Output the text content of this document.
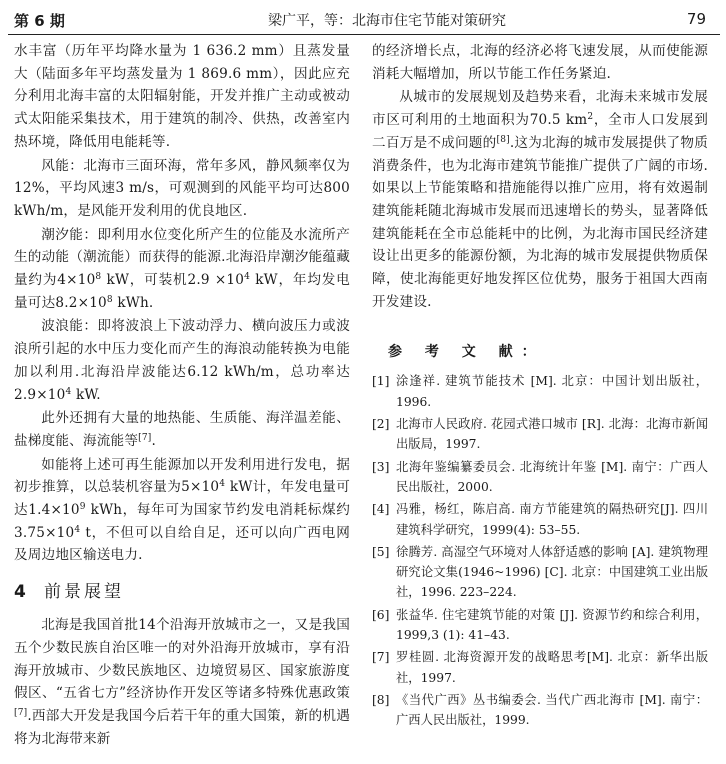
第 6 期	梁广平，等：北海市住宅节能对策研究	79

水丰富（历年平均降水量为 1 636.2 mm）且蒸发量大（陆面多年平均蒸发量为 1 869.6 mm），因此应充分利用北海丰富的太阳辐射能，开发并推广主动或被动式太阳能采集技术，用于建筑的制冷、供热，改善室内热环境，降低用电能耗等.

风能：北海市三面环海，常年多风，静风频率仅为12%，平均风速3 m/s，可观测到的风能平均可达800 kWh/m，是风能开发利用的优良地区.

潮汐能：即利用水位变化所产生的位能及水流所产生的动能（潮流能）而获得的能源.北海沿岸潮汐能蕴藏量约为$4\times 10^8$ kW，可装机$2.9 \times 10^4$ kW，年均发电量可达$8.2\times 10^8$ kWh.

波浪能：即将波浪上下波动浮力、横向波压力或波浪所引起的水中压力变化而产生的海浪动能转换为电能加以利用.北海沿岸波能达6.12 kWh/m，总功率达$2.9\times 10^4$ kW.

此外还拥有大量的地热能、生质能、海洋温差能、盐梯度能、海流能等[7].

如能将上述可再生能源加以开发利用进行发电，据初步推算，以总装机容量为$5\times 10^4$ kW计，年发电量可达$1.4\times 10^9$ kWh，每年可为国家节约发电消耗标煤约$3.75\times 10^4$ t，不但可以自给自足，还可以向广西电网及周边地区输送电力.

4 前景展望

北海是我国首批14个沿海开放城市之一，又是我国五个少数民族自治区唯一的对外沿海开放城市，享有沿海开放城市、少数民族地区、边境贸易区、国家旅游度假区、“五省七方”经济协作开发区等诸多特殊优惠政策[7].西部大开发是我国今后若干年的重大国策，新的机遇将为北海带来新

的经济增长点，北海的经济必将飞速发展，从而使能源消耗大幅增加，所以节能工作任务紧迫.

从城市的发展规划及趋势来看，北海未来城市发展市区可利用的土地面积为70.5 $km^2$，全市人口发展到二百万是不成问题的[8].这为北海的城市发展提供了物质消费条件，也为北海市建筑节能推广提供了广阔的市场. 如果以上节能策略和措施能得以推广应用，将有效遏制建筑能耗随北海城市发展而迅速增长的势头，显著降低建筑能耗在全市总能耗中的比例，为北海市国民经济建设让出更多的能源份额，为北海的城市发展提供物质保障，使北海能更好地发挥区位优势，服务于祖国大西南开发建设.

参 考 文 献：
[1] 涂逢祥. 建筑节能技术 [M]. 北京：中国计划出版社，1996.
[2] 北海市人民政府. 花园式港口城市 [R]. 北海：北海市新闻出版局，1997.
[3] 北海年鉴编纂委员会. 北海统计年鉴 [M]. 南宁：广西人民出版社，2000.
[4] 冯雅，杨红，陈启高. 南方节能建筑的隔热研究[J]. 四川建筑科学研究，1999(4): 53–55.
[5] 徐腾芳. 高湿空气环境对人体舒适感的影响 [A]. 建筑物理研究论文集(1946~1996) [C]. 北京：中国建筑工业出版社，1996. 223–224.
[6] 张益华. 住宅建筑节能的对策 [J]. 资源节约和综合利用，1999,3 (1): 41–43.
[7] 罗桂圆. 北海资源开发的战略思考[M]. 北京：新华出版社，1997.
[8] 《当代广西》丛书编委会. 当代广西北海市 [M]. 南宁：广西人民出版社，1999.
